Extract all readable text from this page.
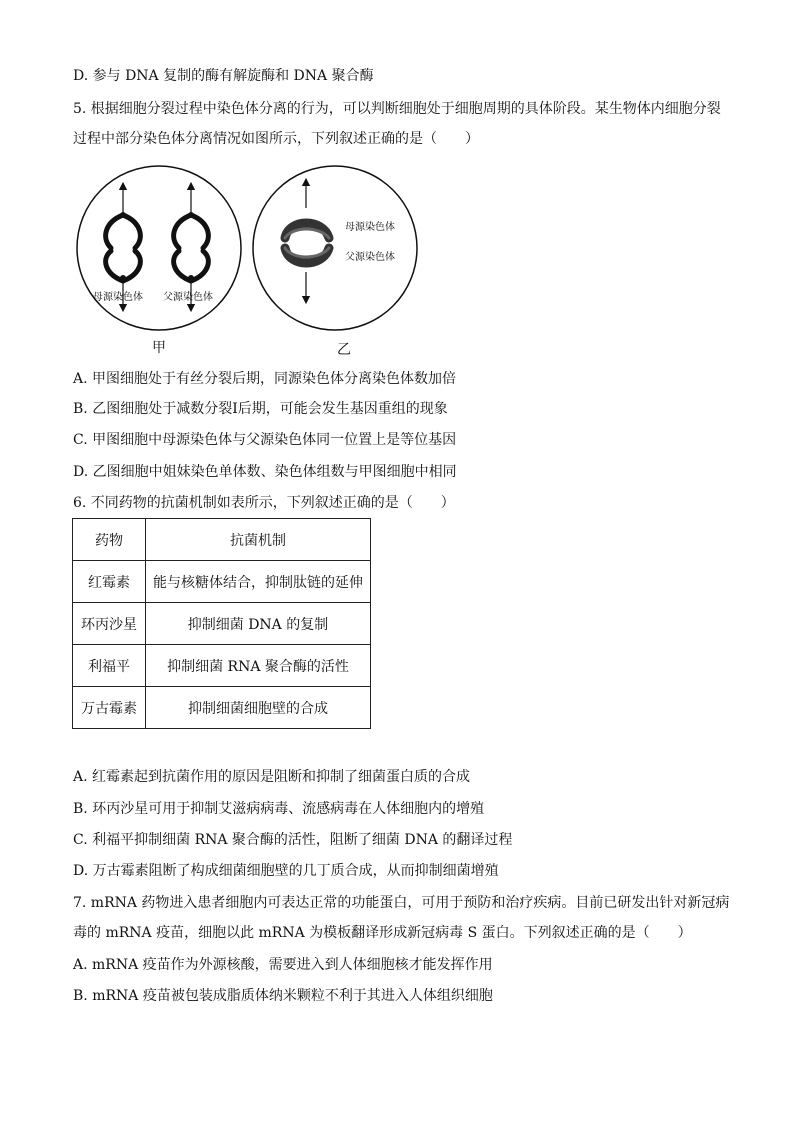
D. 参与 DNA 复制的酶有解旋酶和 DNA 聚合酶
5. 根据细胞分裂过程中染色体分离的行为，可以判断细胞处于细胞周期的具体阶段。某生物体内细胞分裂
过程中部分染色体分离情况如图所示，下列叙述正确的是（　　）
母源染色体 父源染色体
母源染色体
父源染色体
甲	乙
A. 甲图细胞处于有丝分裂后期，同源染色体分离染色体数加倍
B. 乙图细胞处于减数分裂Ⅰ后期，可能会发生基因重组的现象
C. 甲图细胞中母源染色体与父源染色体同一位置上是等位基因
D. 乙图细胞中姐妹染色单体数、染色体组数与甲图细胞中相同
6. 不同药物的抗菌机制如表所示，下列叙述正确的是（　　）
药物	抗菌机制
红霉素	能与核糖体结合，抑制肽链的延伸
环丙沙星	抑制细菌 DNA 的复制
利福平	抑制细菌 RNA 聚合酶的活性
万古霉素	抑制细菌细胞壁的合成
A. 红霉素起到抗菌作用的原因是阻断和抑制了细菌蛋白质的合成
B. 环丙沙星可用于抑制艾滋病病毒、流感病毒在人体细胞内的增殖
C. 利福平抑制细菌 RNA 聚合酶的活性，阻断了细菌 DNA 的翻译过程
D. 万古霉素阻断了构成细菌细胞壁的几丁质合成，从而抑制细菌增殖
7. mRNA 药物进入患者细胞内可表达正常的功能蛋白，可用于预防和治疗疾病。目前已研发出针对新冠病
毒的 mRNA 疫苗，细胞以此 mRNA 为模板翻译形成新冠病毒 S 蛋白。下列叙述正确的是（　　）
A. mRNA 疫苗作为外源核酸，需要进入到人体细胞核才能发挥作用
B. mRNA 疫苗被包装成脂质体纳米颗粒不利于其进入人体组织细胞
